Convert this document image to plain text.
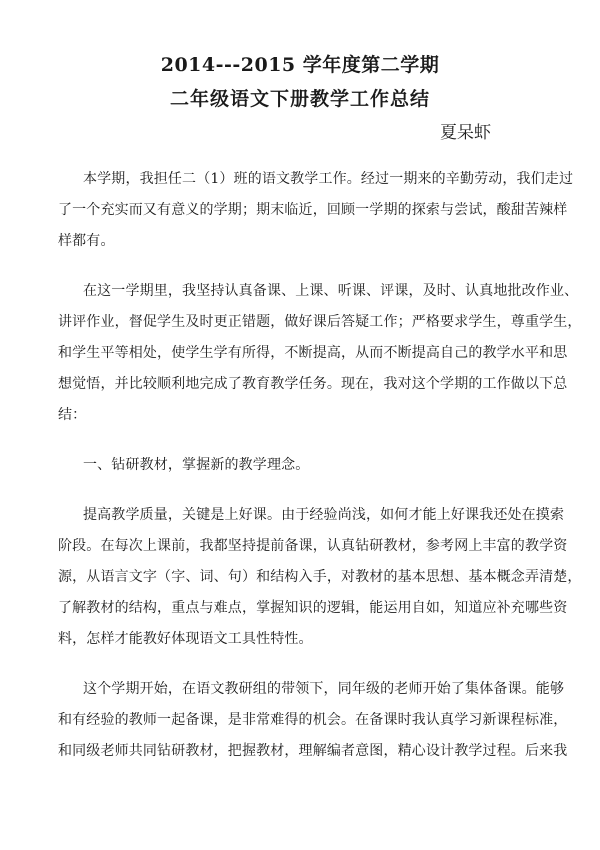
2014---2015 学年度第二学期
二年级语文下册教学工作总结
夏呆虾
本学期，我担任二（1）班的语文教学工作。经过一期来的辛勤劳动，我们走过
了一个充实而又有意义的学期；期末临近，回顾一学期的探索与尝试，酸甜苦辣样
样都有。
在这一学期里，我坚持认真备课、上课、听课、评课，及时、认真地批改作业、
讲评作业，督促学生及时更正错题，做好课后答疑工作；严格要求学生，尊重学生，
和学生平等相处，使学生学有所得，不断提高，从而不断提高自己的教学水平和思
想觉悟，并比较顺利地完成了教育教学任务。现在，我对这个学期的工作做以下总
结：
一、钻研教材，掌握新的教学理念。
提高教学质量，关键是上好课。由于经验尚浅，如何才能上好课我还处在摸索
阶段。在每次上课前，我都坚持提前备课，认真钻研教材，参考网上丰富的教学资
源，从语言文字（字、词、句）和结构入手，对教材的基本思想、基本概念弄清楚，
了解教材的结构，重点与难点，掌握知识的逻辑，能运用自如，知道应补充哪些资
料，怎样才能教好体现语文工具性特性。
这个学期开始，在语文教研组的带领下，同年级的老师开始了集体备课。能够
和有经验的教师一起备课，是非常难得的机会。在备课时我认真学习新课程标准，
和同级老师共同钻研教材，把握教材，理解编者意图，精心设计教学过程。后来我
